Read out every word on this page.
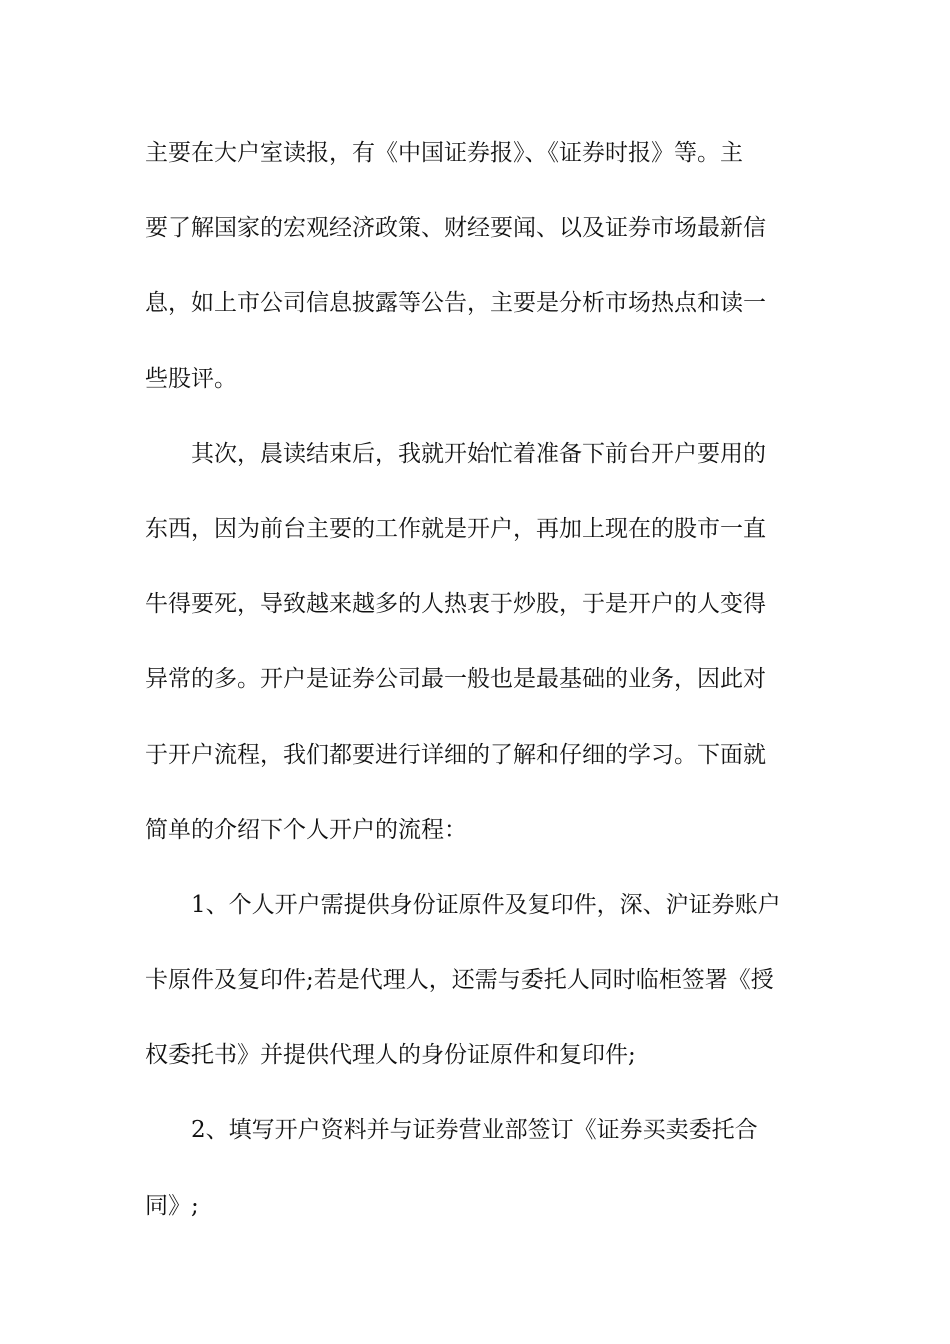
主要在大户室读报，有《中国证券报》、《证券时报》等。主
要了解国家的宏观经济政策、财经要闻、以及证券市场最新信
息，如上市公司信息披露等公告，主要是分析市场热点和读一
些股评。
其次，晨读结束后，我就开始忙着准备下前台开户要用的
东西，因为前台主要的工作就是开户，再加上现在的股市一直
牛得要死，导致越来越多的人热衷于炒股，于是开户的人变得
异常的多。开户是证券公司最一般也是最基础的业务，因此对
于开户流程，我们都要进行详细的了解和仔细的学习。下面就
简单的介绍下个人开户的流程：
1、个人开户需提供身份证原件及复印件，深、沪证券账户
卡原件及复印件;若是代理人，还需与委托人同时临柜签署《授
权委托书》并提供代理人的身份证原件和复印件;
2、填写开户资料并与证券营业部签订《证券买卖委托合
同》;
